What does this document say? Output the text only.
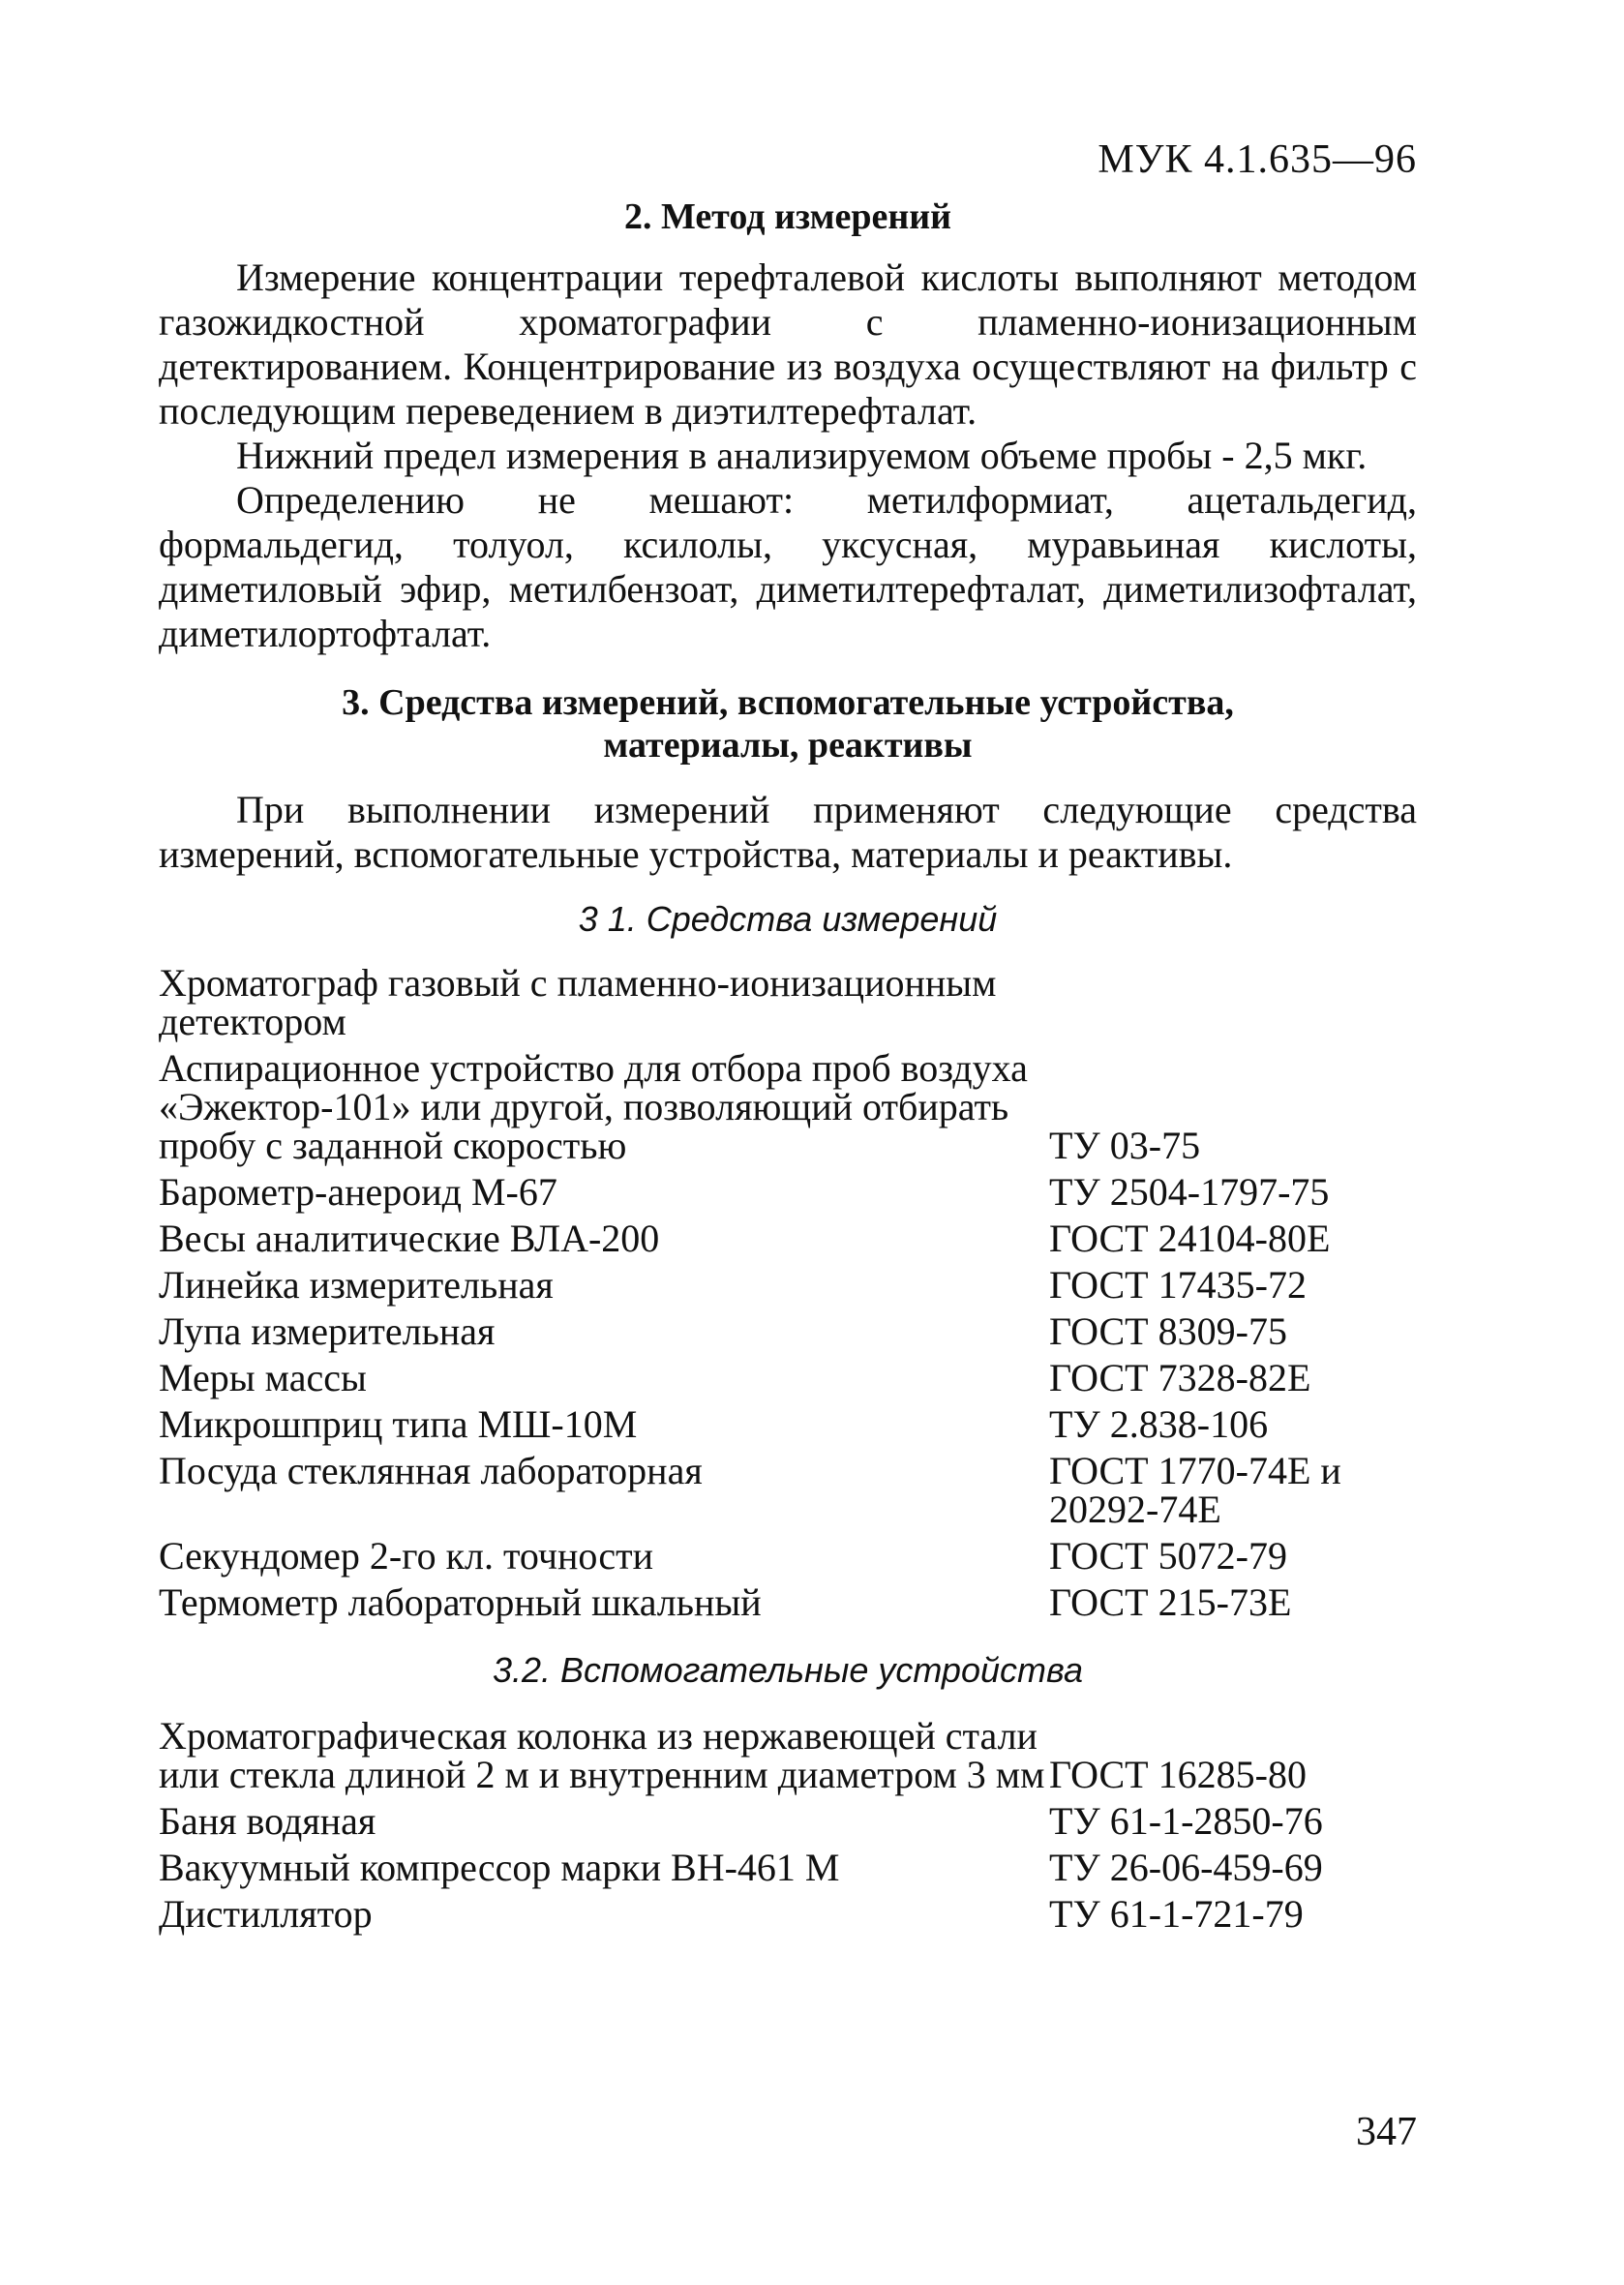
МУК 4.1.635—96
2. Метод измерений

Измерение концентрации терефталевой кислоты выполняют методом газожидкостной хроматографии с пламенно-ионизационным детектированием. Концентрирование из воздуха осуществляют на фильтр с последующим переведением в диэтилтерефталат.

Нижний предел измерения в анализируемом объеме пробы - 2,5 мкг.

Определению не мешают: метилформиат, ацетальдегид, формальдегид, толуол, ксилолы, уксусная, муравьиная кислоты, диметиловый эфир, метилбензоат, диметилтерефталат, диметилизофталат, диметилортофталат.

3. Средства измерений, вспомогательные устройства,
материалы, реактивы

При выполнении измерений применяют следующие средства измерений, вспомогательные устройства, материалы и реактивы.

3 1. Средства измерений
Хроматограф газовый с пламенно-ионизационным детектором
Аспирационное устройство для отбора проб воздуха «Эжектор-101» или другой, позволяющий отбирать пробу с заданной скоростью	ТУ 03-75
Барометр-анероид М-67	ТУ 2504-1797-75
Весы аналитические ВЛА-200	ГОСТ 24104-80Е
Линейка измерительная	ГОСТ 17435-72
Лупа измерительная	ГОСТ 8309-75
Меры массы	ГОСТ 7328-82Е
Микрошприц типа МШ-10М	ТУ 2.838-106
Посуда стеклянная лабораторная	ГОСТ 1770-74Е и 20292-74Е
Секундомер 2-го кл. точности	ГОСТ 5072-79
Термометр лабораторный шкальный	ГОСТ 215-73Е
3.2. Вспомогательные устройства
Хроматографическая колонка из нержавеющей стали или стекла длиной 2 м и внутренним диаметром 3 мм ГОСТ 16285-80
Баня водяная	ТУ 61-1-2850-76
Вакуумный компрессор марки ВН-461 М	ТУ 26-06-459-69
Дистиллятор	ТУ 61-1-721-79
347
